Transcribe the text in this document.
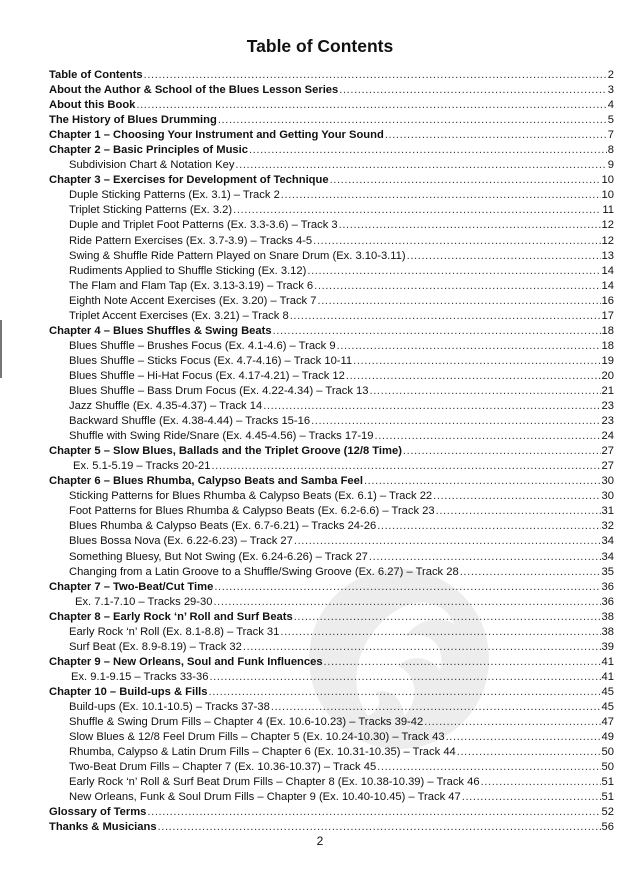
Table of Contents
Table of Contents .....	2
About the Author & School of the Blues Lesson Series .....	3
About this Book .....	4
The History of Blues Drumming .....	5
Chapter 1 – Choosing Your Instrument and Getting Your Sound .....	7
Chapter 2 – Basic Principles of Music .....	8
Subdivision Chart & Notation Key .....	9
Chapter 3 – Exercises for Development of Technique .....	10
Duple Sticking Patterns (Ex. 3.1) – Track 2 .....	10
Triplet Sticking Patterns (Ex. 3.2) .....	11
Duple and Triplet Foot Patterns (Ex. 3.3-3.6) – Track 3 .....	12
Ride Pattern Exercises (Ex. 3.7-3.9) – Tracks 4-5 .....	12
Swing & Shuffle Ride Pattern Played on Snare Drum (Ex. 3.10-3.11) .....	13
Rudiments Applied to Shuffle Sticking (Ex. 3.12) .....	14
The Flam and Flam Tap (Ex. 3.13-3.19) – Track 6 .....	14
Eighth Note Accent Exercises (Ex. 3.20) – Track 7 .....	16
Triplet Accent Exercises (Ex. 3.21) – Track 8 .....	17
Chapter 4 – Blues Shuffles & Swing Beats .....	18
Blues Shuffle – Brushes Focus (Ex. 4.1-4.6) – Track 9 .....	18
Blues Shuffle – Sticks Focus (Ex. 4.7-4.16) – Track 10-11 .....	19
Blues Shuffle – Hi-Hat Focus (Ex. 4.17-4.21) – Track 12 .....	20
Blues Shuffle – Bass Drum Focus (Ex. 4.22-4.34) – Track 13 .....	21
Jazz Shuffle (Ex. 4.35-4.37) – Track 14 .....	23
Backward Shuffle (Ex. 4.38-4.44) – Tracks 15-16 .....	23
Shuffle with Swing Ride/Snare (Ex. 4.45-4.56) – Tracks 17-19 .....	24
Chapter 5 – Slow Blues, Ballads and the Triplet Groove (12/8 Time) .....	27
Ex. 5.1-5.19 – Tracks 20-21 .....	27
Chapter 6 – Blues Rhumba, Calypso Beats and Samba Feel .....	30
Sticking Patterns for Blues Rhumba & Calypso Beats (Ex. 6.1) – Track 22 .....	30
Foot Patterns for Blues Rhumba & Calypso Beats (Ex. 6.2-6.6) – Track 23 .....	31
Blues Rhumba & Calypso Beats (Ex. 6.7-6.21) – Tracks 24-26 .....	32
Blues Bossa Nova (Ex. 6.22-6.23) – Track 27 .....	34
Something Bluesy, But Not Swing (Ex. 6.24-6.26) – Track 27 .....	34
Changing from a Latin Groove to a Shuffle/Swing Groove (Ex. 6.27) – Track 28 .....	35
Chapter 7 – Two-Beat/Cut Time .....	36
Ex. 7.1-7.10 – Tracks 29-30 .....	36
Chapter 8 – Early Rock ‘n’ Roll and Surf Beats .....	38
Early Rock ‘n’ Roll (Ex. 8.1-8.8) – Track 31 .....	38
Surf Beat (Ex. 8.9-8.19) – Track 32 .....	39
Chapter 9 – New Orleans, Soul and Funk Influences .....	41
Ex. 9.1-9.15 – Tracks 33-36 .....	41
Chapter 10 – Build-ups & Fills .....	45
Build-ups (Ex. 10.1-10.5) – Tracks 37-38 .....	45
Shuffle & Swing Drum Fills – Chapter 4 (Ex. 10.6-10.23) – Tracks 39-42 .....	47
Slow Blues & 12/8 Feel Drum Fills – Chapter 5 (Ex. 10.24-10.30) – Track 43 .....	49
Rhumba, Calypso & Latin Drum Fills – Chapter 6 (Ex. 10.31-10.35) – Track 44 .....	50
Two-Beat Drum Fills – Chapter 7 (Ex. 10.36-10.37) – Track 45 .....	50
Early Rock ‘n’ Roll & Surf Beat Drum Fills – Chapter 8 (Ex. 10.38-10.39) – Track 46 .....	51
New Orleans, Funk & Soul Drum Fills – Chapter 9 (Ex. 10.40-10.45) – Track 47 .....	51
Glossary of Terms .....	52
Thanks & Musicians .....	56
2
